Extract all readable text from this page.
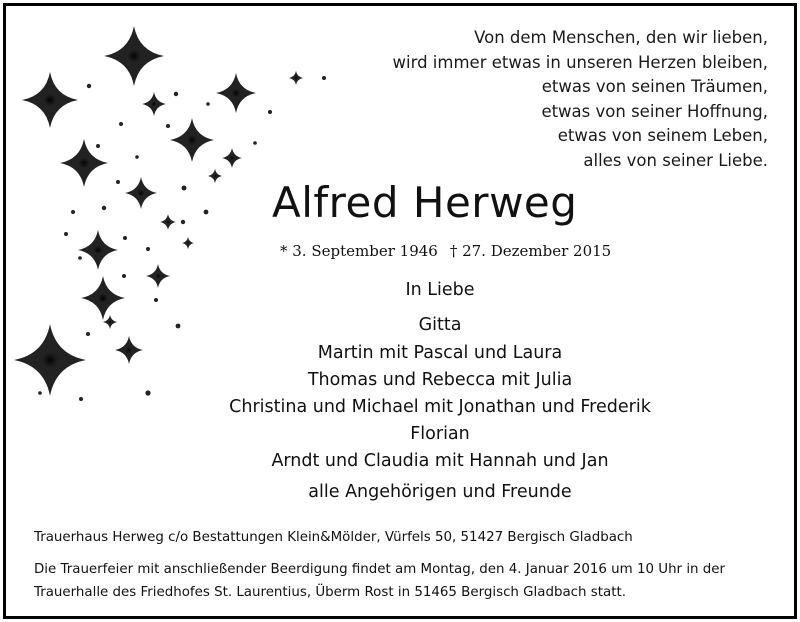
Von dem Menschen, den wir lieben,
wird immer etwas in unseren Herzen bleiben,
etwas von seinen Träumen,
etwas von seiner Hoffnung,
etwas von seinem Leben,
alles von seiner Liebe.
Alfred Herweg
* 3. September 1946 † 27. Dezember 2015
In Liebe
Gitta
Martin mit Pascal und Laura
Thomas und Rebecca mit Julia
Christina und Michael mit Jonathan und Frederik
Florian
Arndt und Claudia mit Hannah und Jan
alle Angehörigen und Freunde
Trauerhaus Herweg c/o Bestattungen Klein&Mölder, Vürfels 50, 51427 Bergisch Gladbach
Die Trauerfeier mit anschließender Beerdigung findet am Montag, den 4. Januar 2016 um 10 Uhr in der
Trauerhalle des Friedhofes St. Laurentius, Überm Rost in 51465 Bergisch Gladbach statt.
